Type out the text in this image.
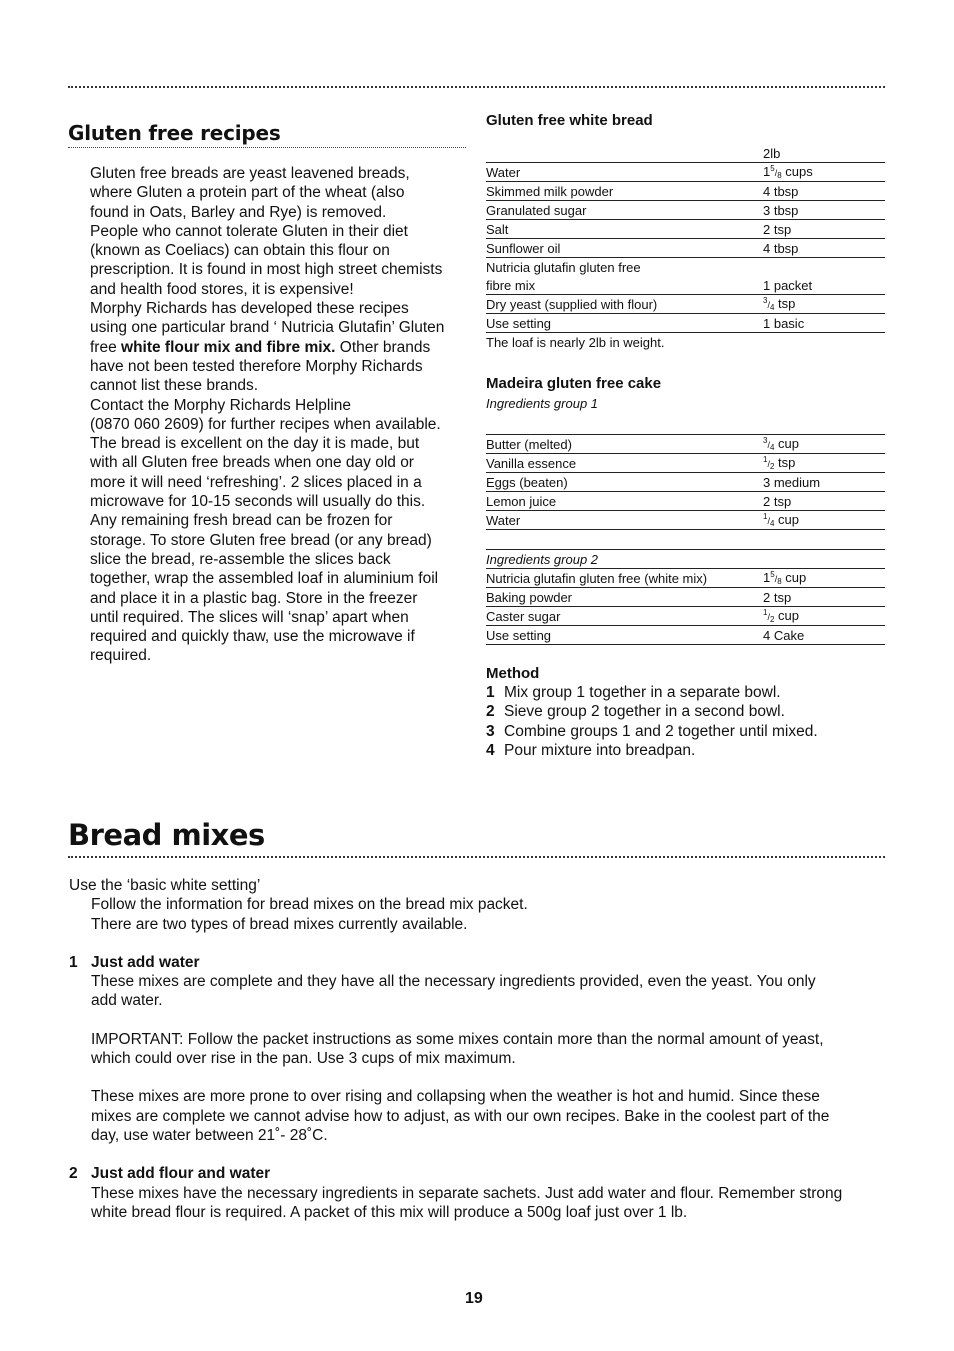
Gluten free recipes

Gluten free breads are yeast leavened breads,

where Gluten a protein part of the wheat (also

found in Oats, Barley and Rye) is removed.

People who cannot tolerate Gluten in their diet

(known as Coeliacs) can obtain this flour on

prescription. It is found in most high street chemists

and health food stores, it is expensive!

Morphy Richards has developed these recipes

using one particular brand ‘ Nutricia Glutafin’ Gluten

free white flour mix and fibre mix. Other brands

have not been tested therefore Morphy Richards

cannot list these brands.

Contact the Morphy Richards Helpline

(0870 060 2609) for further recipes when available.

The bread is excellent on the day it is made, but

with all Gluten free breads when one day old or

more it will need ‘refreshing’. 2 slices placed in a

microwave for 10-15 seconds will usually do this.

Any remaining fresh bread can be frozen for

storage. To store Gluten free bread (or any bread)

slice the bread, re-assemble the slices back

together, wrap the assembled loaf in aluminium foil

and place it in a plastic bag. Store in the freezer

until required. The slices will ‘snap’ apart when

required and quickly thaw, use the microwave if

required.

Gluten free white bread
	2lb
Water	$1^5/_8$ cups
Skimmed milk powder	4 tbsp
Granulated sugar	3 tbsp
Salt	2 tsp
Sunflower oil	4 tbsp
Nutricia glutafin gluten free	
fibre mix	1 packet
Dry yeast (supplied with flour)	$^3/_4$ tsp
Use setting	1 basic
The loaf is nearly 2lb in weight.
Madeira gluten free cake
Ingredients group 1
Butter (melted)	$^3/_4$ cup
Vanilla essence	$^1/_2$ tsp
Eggs (beaten)	3 medium
Lemon juice	2 tsp
Water	$^1/_4$ cup
Ingredients group 2	
Nutricia glutafin gluten free (white mix)	$1^5/_8$ cup
Baking powder	2 tsp
Caster sugar	$^1/_2$ cup
Use setting	4 Cake
Method
1 Mix group 1 together in a separate bowl.
2 Sieve group 2 together in a second bowl.
3 Combine groups 1 and 2 together until mixed.
4 Pour mixture into breadpan.
Bread mixes
Use the ‘basic white setting’

Follow the information for bread mixes on the bread mix packet.

There are two types of bread mixes currently available.

1 Just add water

These mixes are complete and they have all the necessary ingredients provided, even the yeast. You only

add water.

IMPORTANT: Follow the packet instructions as some mixes contain more than the normal amount of yeast,

which could over rise in the pan. Use 3 cups of mix maximum.

These mixes are more prone to over rising and collapsing when the weather is hot and humid. Since these

mixes are complete we cannot advise how to adjust, as with our own recipes. Bake in the coolest part of the

day, use water between 21˚- 28˚C.

2 Just add flour and water

These mixes have the necessary ingredients in separate sachets. Just add water and flour. Remember strong

white bread flour is required. A packet of this mix will produce a 500g loaf just over 1 lb.

19
